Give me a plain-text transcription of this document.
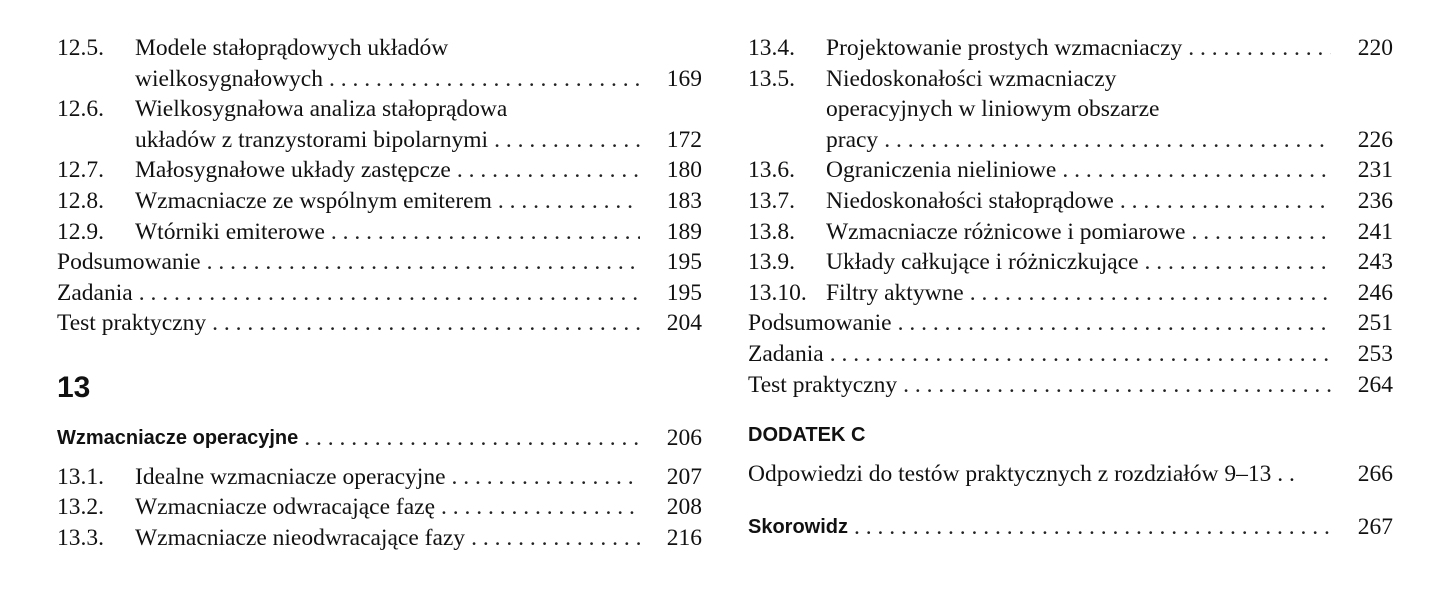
12.5.	Modele stałoprądowych układów
wielkosygnałowych . . .	169
12.6.	Wielkosygnałowa analiza stałoprądowa
układów z tranzystorami bipolarnymi . . .	172
12.7.	Małosygnałowe układy zastępcze . . .	180
12.8.	Wzmacniacze ze wspólnym emiterem . . .	183
12.9.	Wtórniki emiterowe . . .	189
Podsumowanie . . .	195
Zadania . . .	195
Test praktyczny . . .	204
13
Wzmacniacze operacyjne . . .	206
13.1.	Idealne wzmacniacze operacyjne . . .	207
13.2.	Wzmacniacze odwracające fazę . . .	208
13.3.	Wzmacniacze nieodwracające fazy . . .	216
13.4.	Projektowanie prostych wzmacniaczy . . .	220
13.5.	Niedoskonałości wzmacniaczy
operacyjnych w liniowym obszarze
pracy . . .	226
13.6.	Ograniczenia nieliniowe . . .	231
13.7.	Niedoskonałości stałoprądowe . . .	236
13.8.	Wzmacniacze różnicowe i pomiarowe . . .	241
13.9.	Układy całkujące i różniczkujące . . .	243
13.10. Filtry aktywne . . .	246
Podsumowanie . . .	251
Zadania . . .	253
Test praktyczny . . .	264
DODATEK C
Odpowiedzi do testów praktycznych z rozdziałów 9–13 . .	266
Skorowidz . . .	267
